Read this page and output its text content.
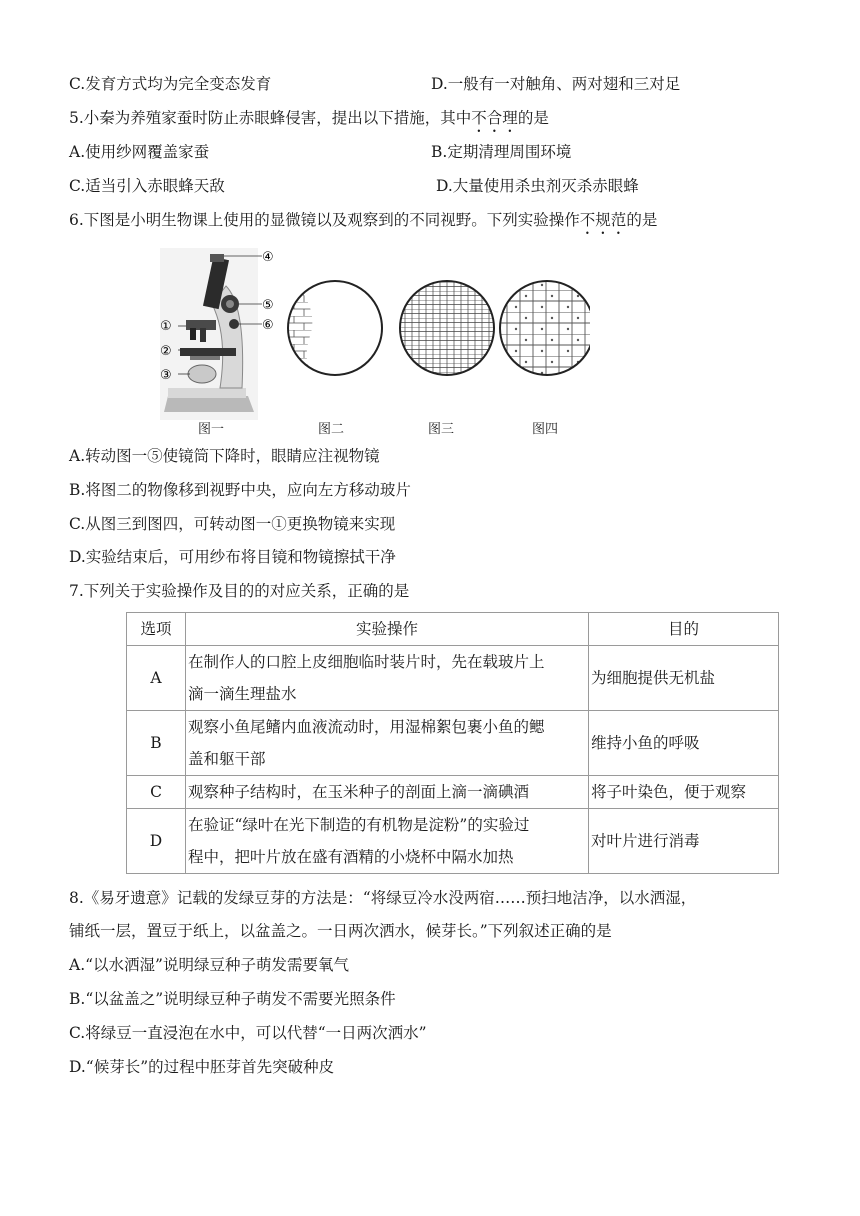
C.发育方式均为完全变态发育	D.一般有一对触角、两对翅和三对足
5.小秦为养殖家蚕时防止赤眼蜂侵害，提出以下措施，其中不合理的是
A.使用纱网覆盖家蚕	B.定期清理周围环境
C.适当引入赤眼蜂天敌	D.大量使用杀虫剂灭杀赤眼蜂
6.下图是小明生物课上使用的显微镜以及观察到的不同视野。下列实验操作不规范的是
①
②
③
④
⑤
⑥
图一	图二	图三	图四
A.转动图一⑤使镜筒下降时，眼睛应注视物镜
B.将图二的物像移到视野中央，应向左方移动玻片
C.从图三到图四，可转动图一①更换物镜来实现
D.实验结束后，可用纱布将目镜和物镜擦拭干净
7.下列关于实验操作及目的的对应关系，正确的是
选项	实验操作	目的
A	在制作人的口腔上皮细胞临时装片时，先在载玻片上
滴一滴生理盐水	为细胞提供无机盐
B	观察小鱼尾鳍内血液流动时，用湿棉絮包裹小鱼的鳃
盖和躯干部	维持小鱼的呼吸
C	观察种子结构时，在玉米种子的剖面上滴一滴碘酒	将子叶染色，便于观察
D	在验证“绿叶在光下制造的有机物是淀粉”的实验过
程中，把叶片放在盛有酒精的小烧杯中隔水加热	对叶片进行消毒
8.《易牙遗意》记载的发绿豆芽的方法是：“将绿豆冷水没两宿……预扫地洁净，以水洒湿，
铺纸一层，置豆于纸上，以盆盖之。一日两次洒水，候芽长。”下列叙述正确的是
A.“以水洒湿”说明绿豆种子萌发需要氧气
B.“以盆盖之”说明绿豆种子萌发不需要光照条件
C.将绿豆一直浸泡在水中，可以代替“一日两次洒水”
D.“候芽长”的过程中胚芽首先突破种皮
